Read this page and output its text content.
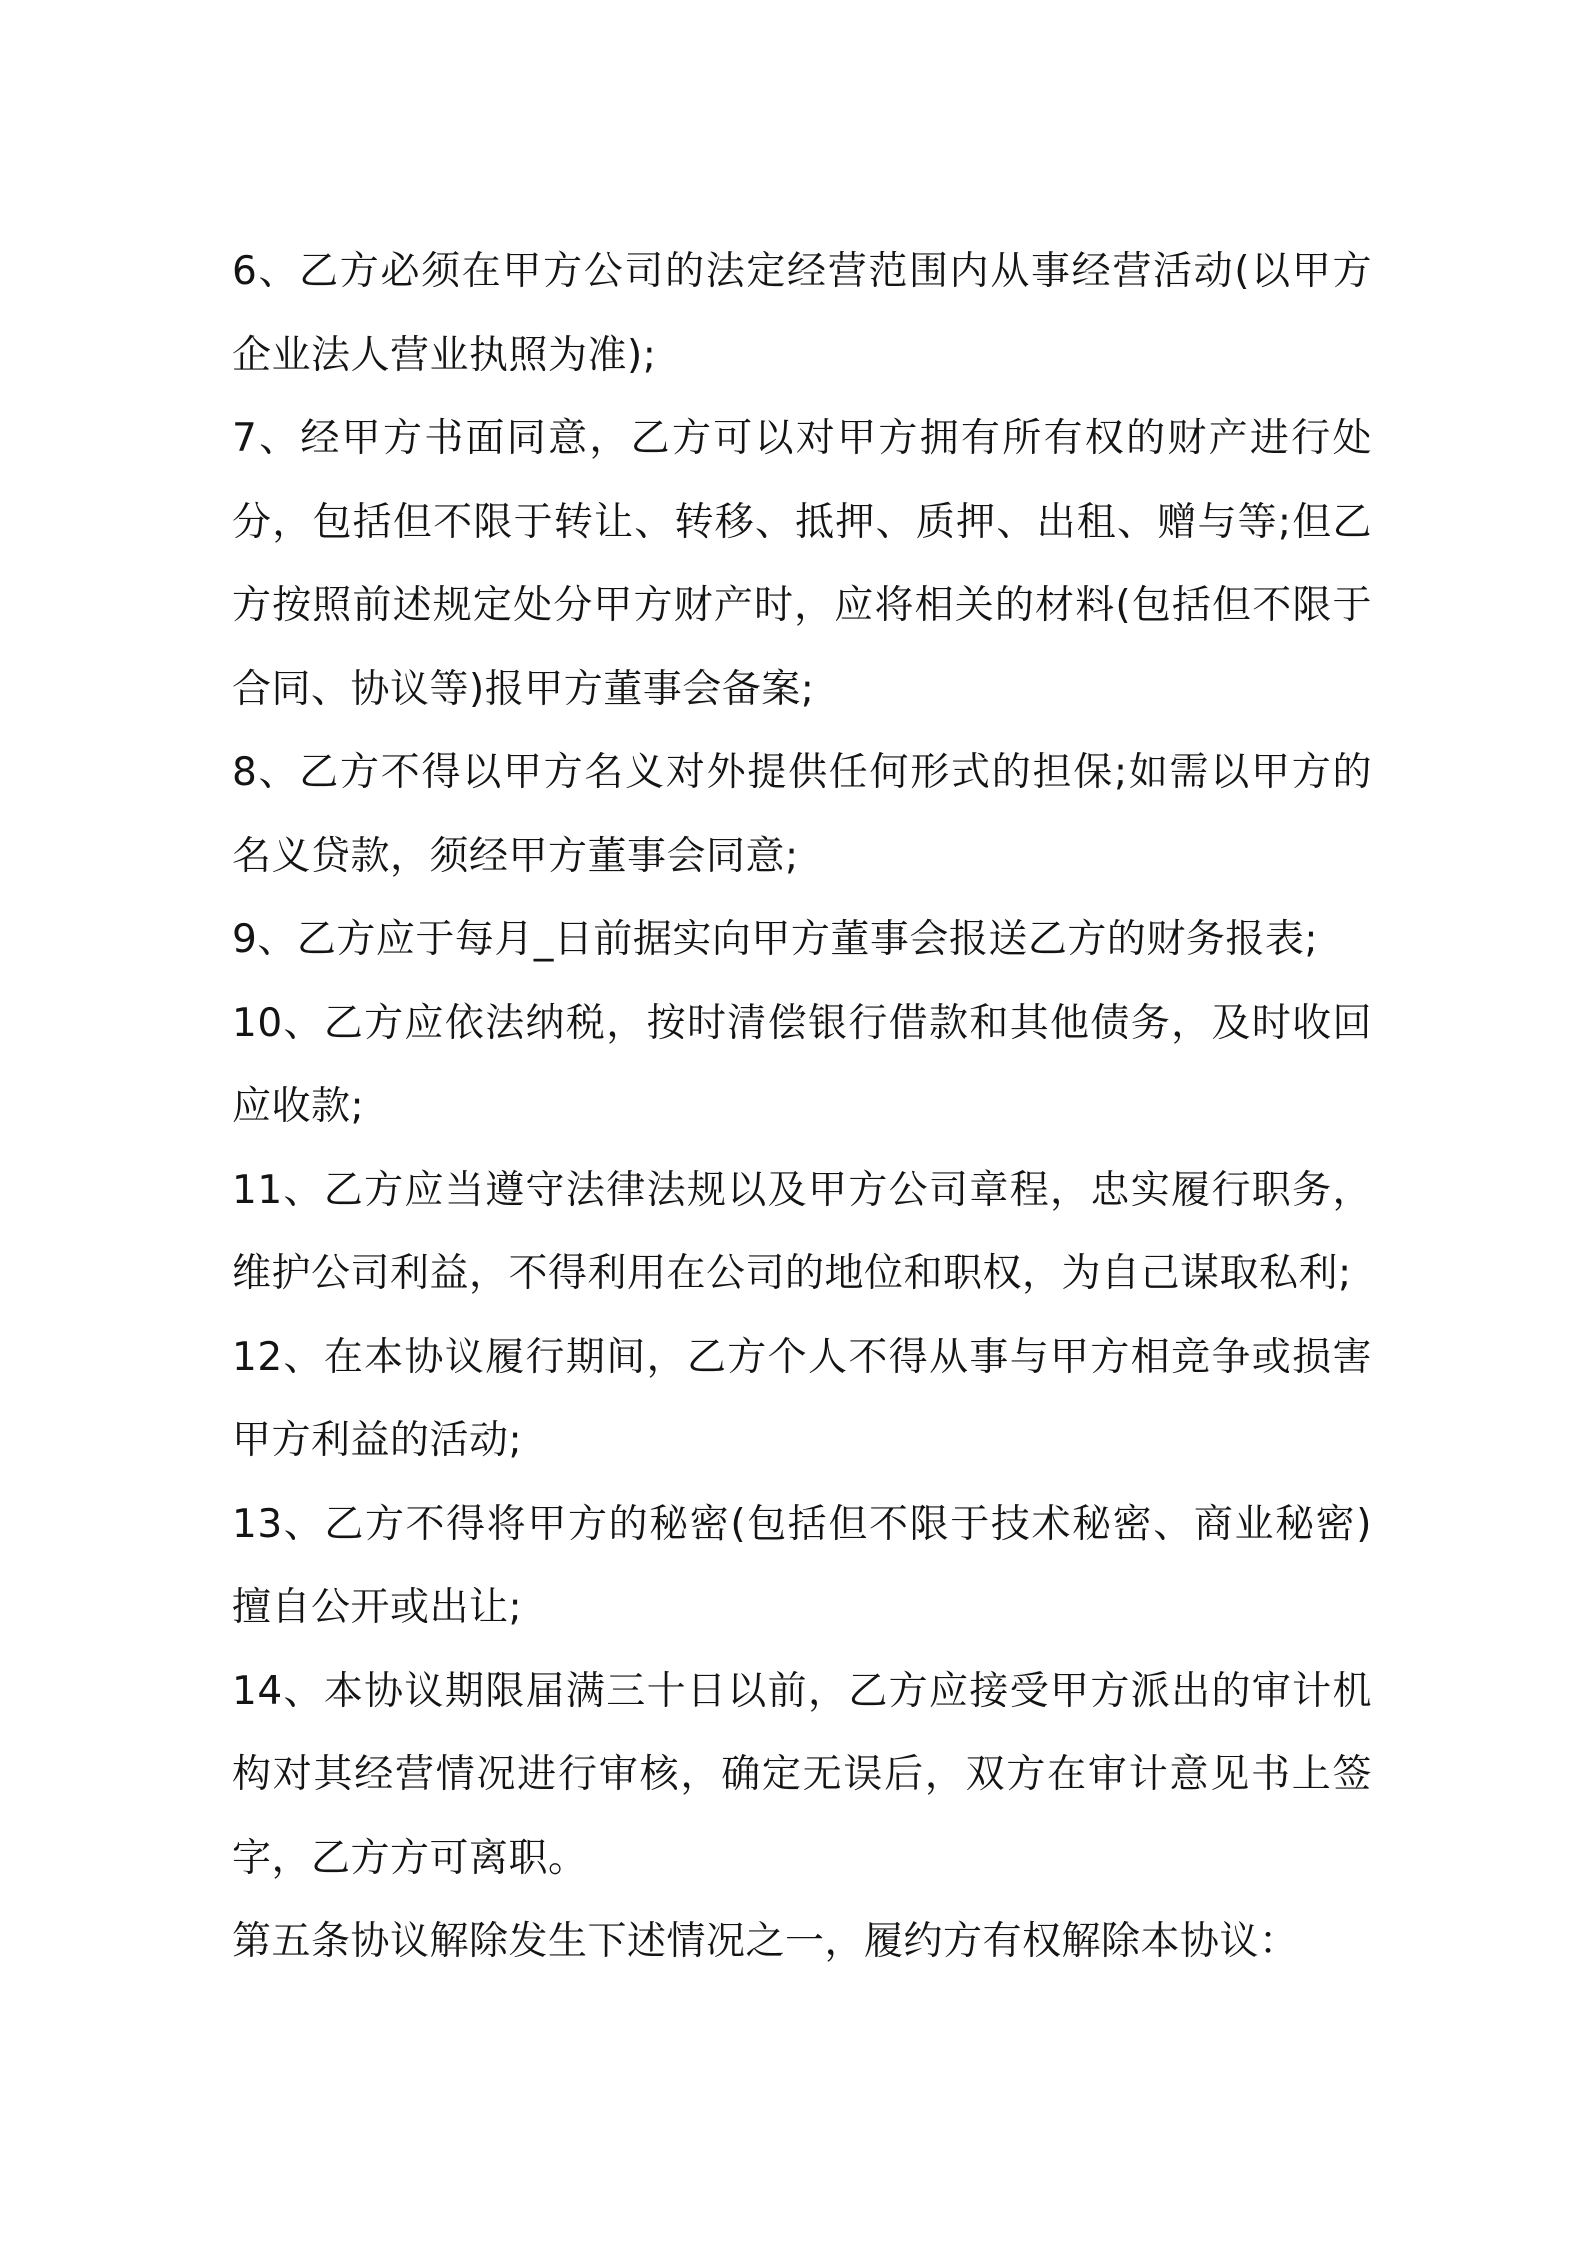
6、乙方必须在甲方公司的法定经营范围内从事经营活动(以甲方企业法人营业执照为准);

7、经甲方书面同意，乙方可以对甲方拥有所有权的财产进行处分，包括但不限于转让、转移、抵押、质押、出租、赠与等;但乙方按照前述规定处分甲方财产时，应将相关的材料(包括但不限于合同、协议等)报甲方董事会备案;

8、乙方不得以甲方名义对外提供任何形式的担保;如需以甲方的名义贷款，须经甲方董事会同意;

9、乙方应于每月_日前据实向甲方董事会报送乙方的财务报表;

10、乙方应依法纳税，按时清偿银行借款和其他债务，及时收回应收款;

11、乙方应当遵守法律法规以及甲方公司章程，忠实履行职务，维护公司利益，不得利用在公司的地位和职权，为自己谋取私利;

12、在本协议履行期间，乙方个人不得从事与甲方相竞争或损害甲方利益的活动;

13、乙方不得将甲方的秘密(包括但不限于技术秘密、商业秘密)擅自公开或出让;

14、本协议期限届满三十日以前，乙方应接受甲方派出的审计机构对其经营情况进行审核，确定无误后，双方在审计意见书上签字，乙方方可离职。

第五条协议解除发生下述情况之一，履约方有权解除本协议：
